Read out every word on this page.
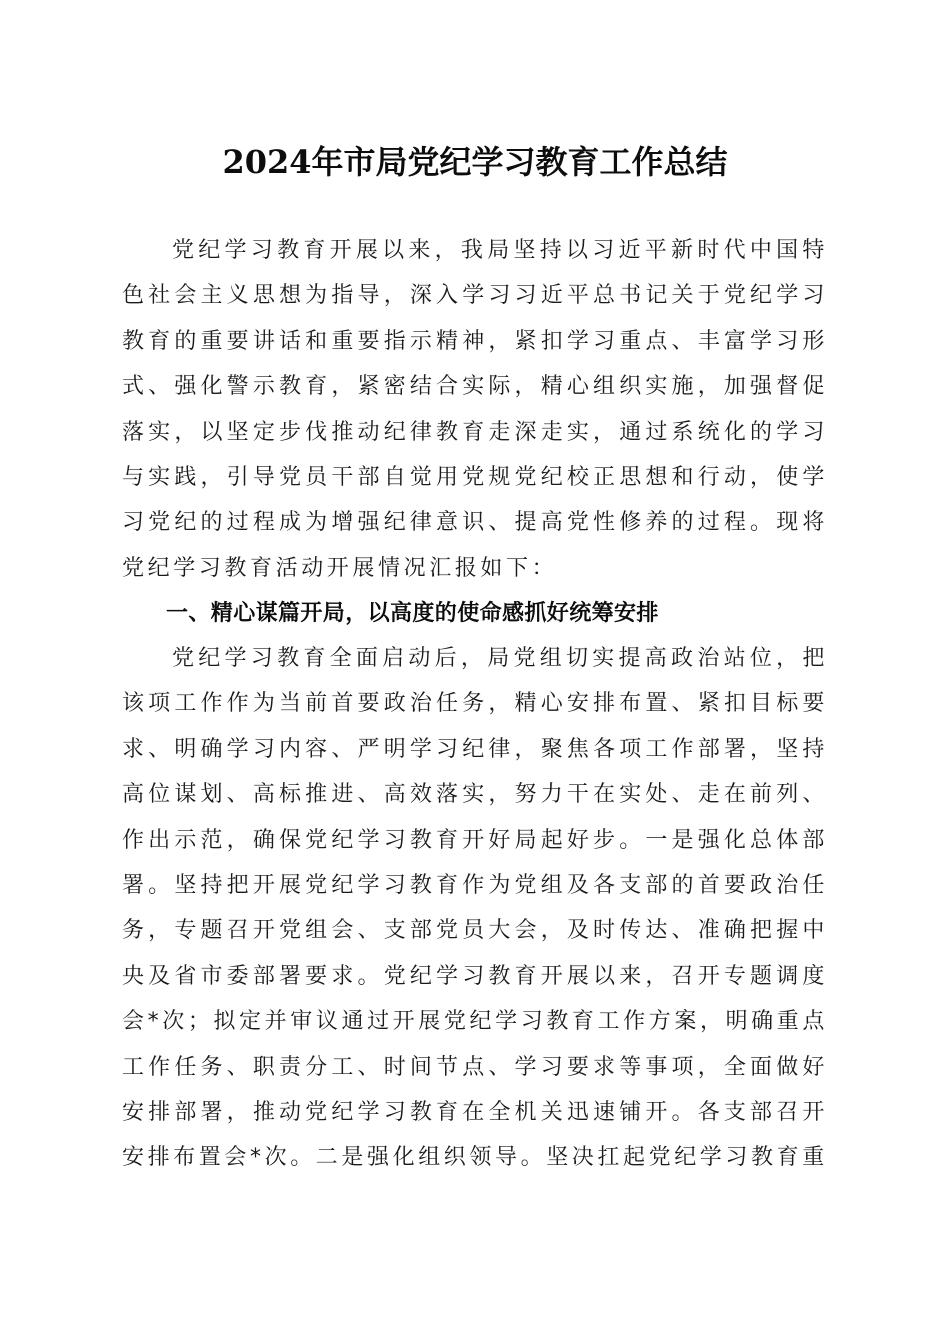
2024年市局党纪学习教育工作总结

党纪学习教育开展以来，我局坚持以习近平新时代中国特色社会主义思想为指导，深入学习习近平总书记关于党纪学习教育的重要讲话和重要指示精神，紧扣学习重点、丰富学习形式、强化警示教育，紧密结合实际，精心组织实施，加强督促落实，以坚定步伐推动纪律教育走深走实，通过系统化的学习与实践，引导党员干部自觉用党规党纪校正思想和行动，使学习党纪的过程成为增强纪律意识、提高党性修养的过程。现将党纪学习教育活动开展情况汇报如下：

一、精心谋篇开局，以高度的使命感抓好统筹安排

党纪学习教育全面启动后，局党组切实提高政治站位，把该项工作作为当前首要政治任务，精心安排布置、紧扣目标要求、明确学习内容、严明学习纪律，聚焦各项工作部署，坚持高位谋划、高标推进、高效落实，努力干在实处、走在前列、作出示范，确保党纪学习教育开好局起好步。一是强化总体部署。坚持把开展党纪学习教育作为党组及各支部的首要政治任务，专题召开党组会、支部党员大会，及时传达、准确把握中央及省市委部署要求。党纪学习教育开展以来，召开专题调度会*次；拟定并审议通过开展党纪学习教育工作方案，明确重点工作任务、职责分工、时间节点、学习要求等事项，全面做好安排部署，推动党纪学习教育在全机关迅速铺开。各支部召开安排布置会*次。二是强化组织领导。坚决扛起党纪学习教育重
